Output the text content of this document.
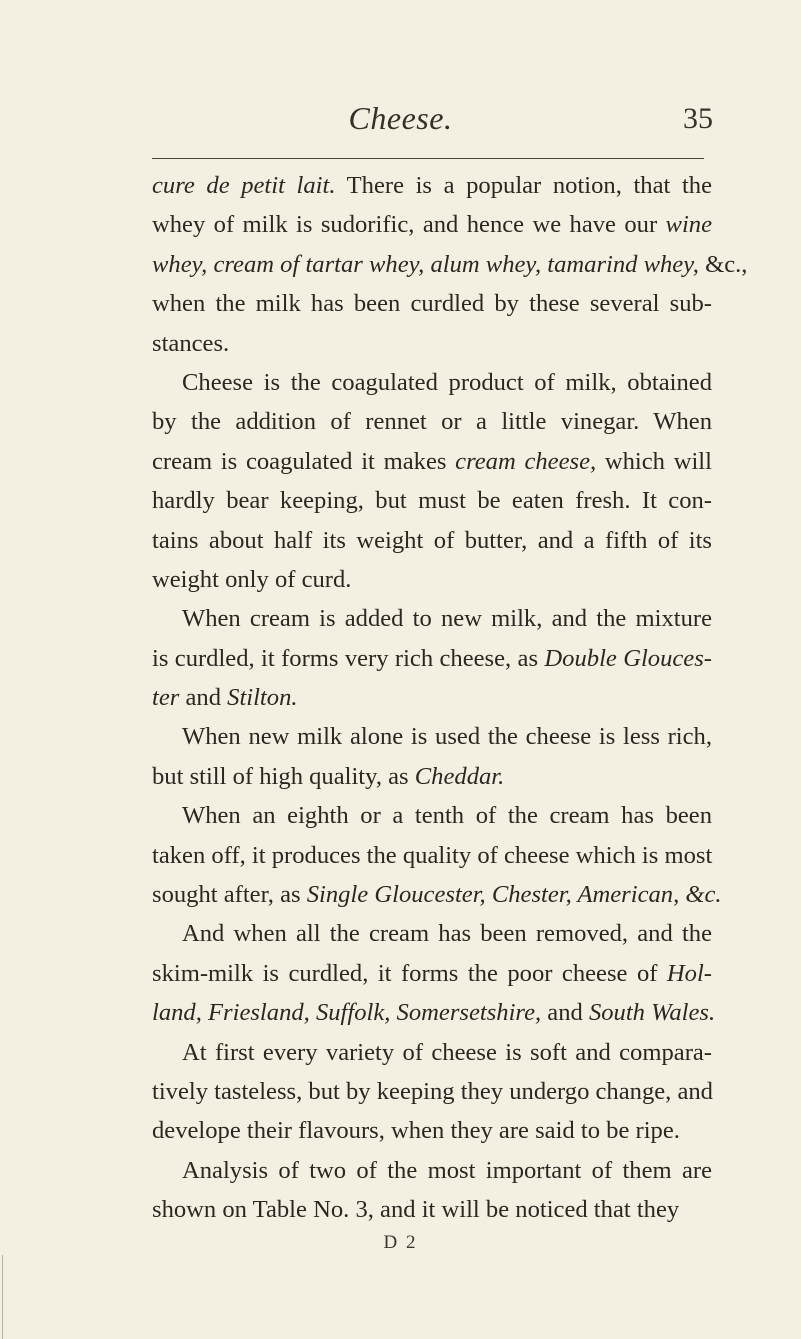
Cheese.	35
cure de petit lait. There is a popular notion, that the
whey of milk is sudorific, and hence we have our wine
whey, cream of tartar whey, alum whey, tamarind whey, &c.,
when the milk has been curdled by these several sub-
stances.
Cheese is the coagulated product of milk, obtained
by the addition of rennet or a little vinegar. When
cream is coagulated it makes cream cheese, which will
hardly bear keeping, but must be eaten fresh. It con-
tains about half its weight of butter, and a fifth of its
weight only of curd.
When cream is added to new milk, and the mixture
is curdled, it forms very rich cheese, as Double Glouces-
ter and Stilton.
When new milk alone is used the cheese is less rich,
but still of high quality, as Cheddar.
When an eighth or a tenth of the cream has been
taken off, it produces the quality of cheese which is most
sought after, as Single Gloucester, Chester, American, &c.
And when all the cream has been removed, and the
skim-milk is curdled, it forms the poor cheese of Hol-
land, Friesland, Suffolk, Somersetshire, and South Wales.
At first every variety of cheese is soft and compara-
tively tasteless, but by keeping they undergo change, and
develope their flavours, when they are said to be ripe.
Analysis of two of the most important of them are
shown on Table No. 3, and it will be noticed that they
D 2
